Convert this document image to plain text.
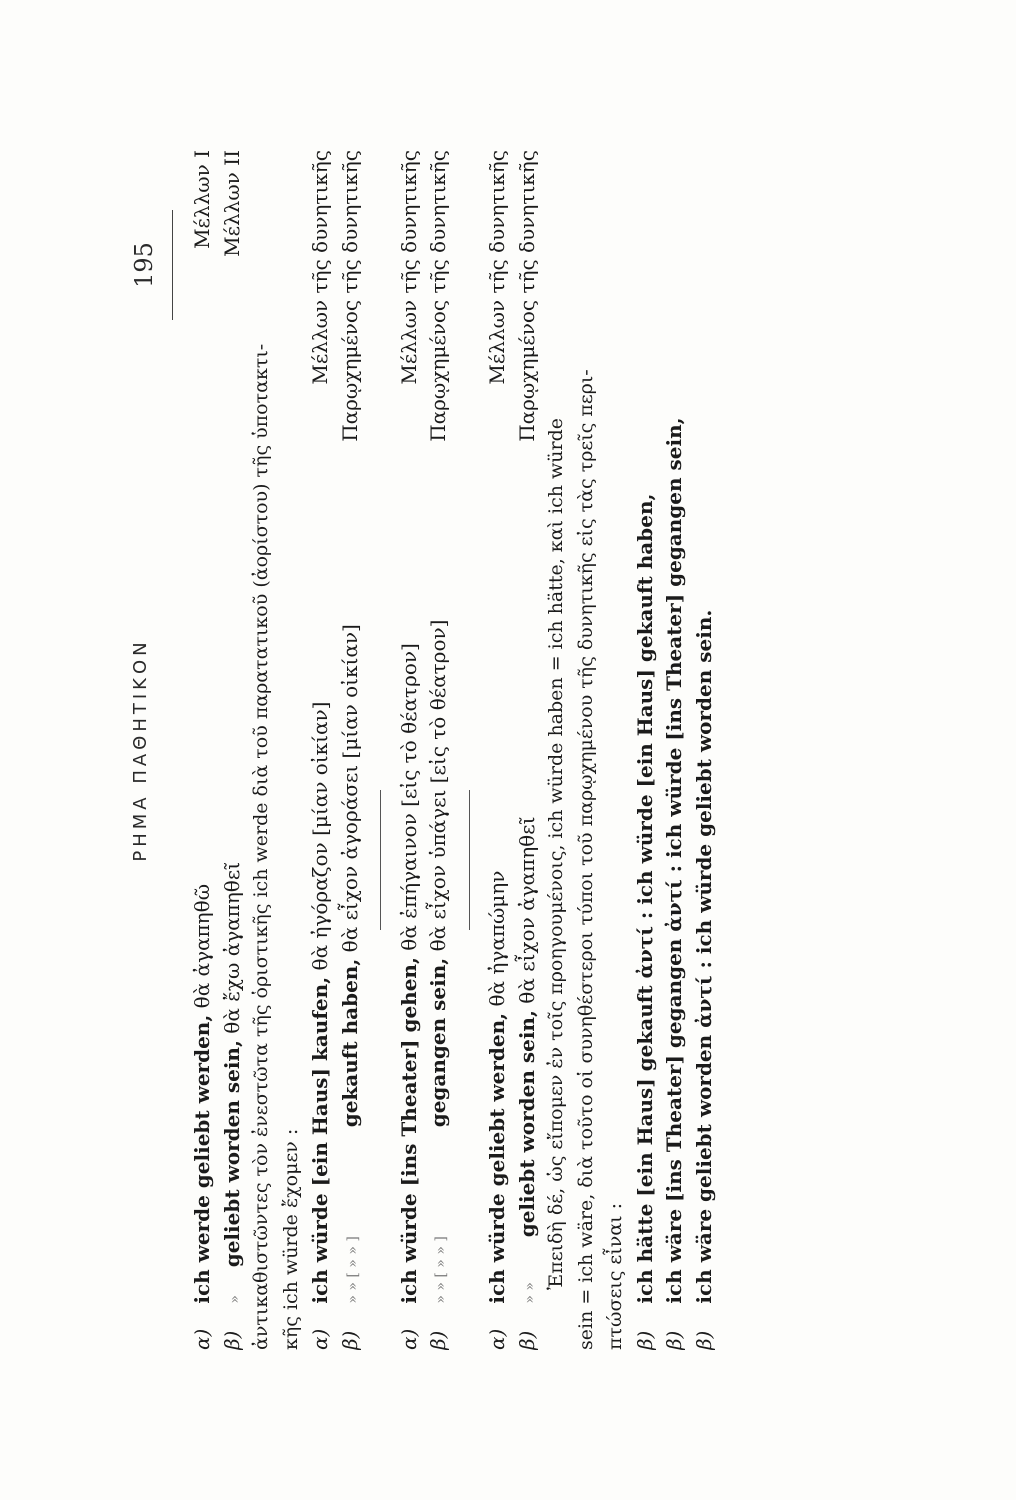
ΡΗΜΑ ΠΑΘΗΤΙΚΟΝ
195
α) ich werde geliebt werden, θὰ ἀγαπηθῶ
Μέλλων I
β) » geliebt worden sein, θὰ ἔχω ἀγαπηθεῖ
Μέλλων II
ἀντικαθιστῶντες τὸν ἐνεστῶτα τῆς ὁριστικῆς ich werde διὰ τοῦ παρατατικοῦ (ἀορίστου) τῆς ὑποτακτι- κῆς ich würde ἔχομεν : α) ich würde [ein Haus] kaufen, θὰ ἠγόραζον [μίαν οἰκίαν]
Μέλλων τῆς δυνητικῆς
β) » » [ » » ] gekauft haben, θὰ εἶχον ἀγοράσει [μίαν οἰκίαν]
Παρῳχημένος τῆς δυνητικῆς
α) ich würde [ins Theater] gehen, θὰ ἐπήγαινον [εἰς τὸ θέατρον]
Μέλλων τῆς δυνητικῆς
β) » » [ » » ] gegangen sein, θὰ εἶχον ὑπάγει [εἰς τὸ θέατρον]
Παρῳχημένος τῆς δυνητικῆς
α) ich würde geliebt werden, θὰ ἠγαπώμην
Μέλλων τῆς δυνητικῆς
β) » » geliebt worden sein, θὰ εἶχον ἀγαπηθεῖ
Παρῳχημένος τῆς δυνητικῆς
Ἐπειδὴ δέ, ὡς εἴπομεν ἐν τοῖς προηγουμένοις, ich würde haben = ich hätte, καὶ ich würde sein = ich wäre, διὰ τοῦτο οἱ συνηθέστεροι τύποι τοῦ παρῳχημένου τῆς δυνητικῆς εἰς τὰς τρεῖς περι- πτώσεις εἶναι : β) ich hätte [ein Haus] gekauft ἀντί : ich würde [ein Haus] gekauft haben,
β) ich wäre [ins Theater] gegangen ἀντί : ich würde [ins Theater] gegangen sein,
β) ich wäre geliebt worden ἀντί : ich würde geliebt worden sein.
